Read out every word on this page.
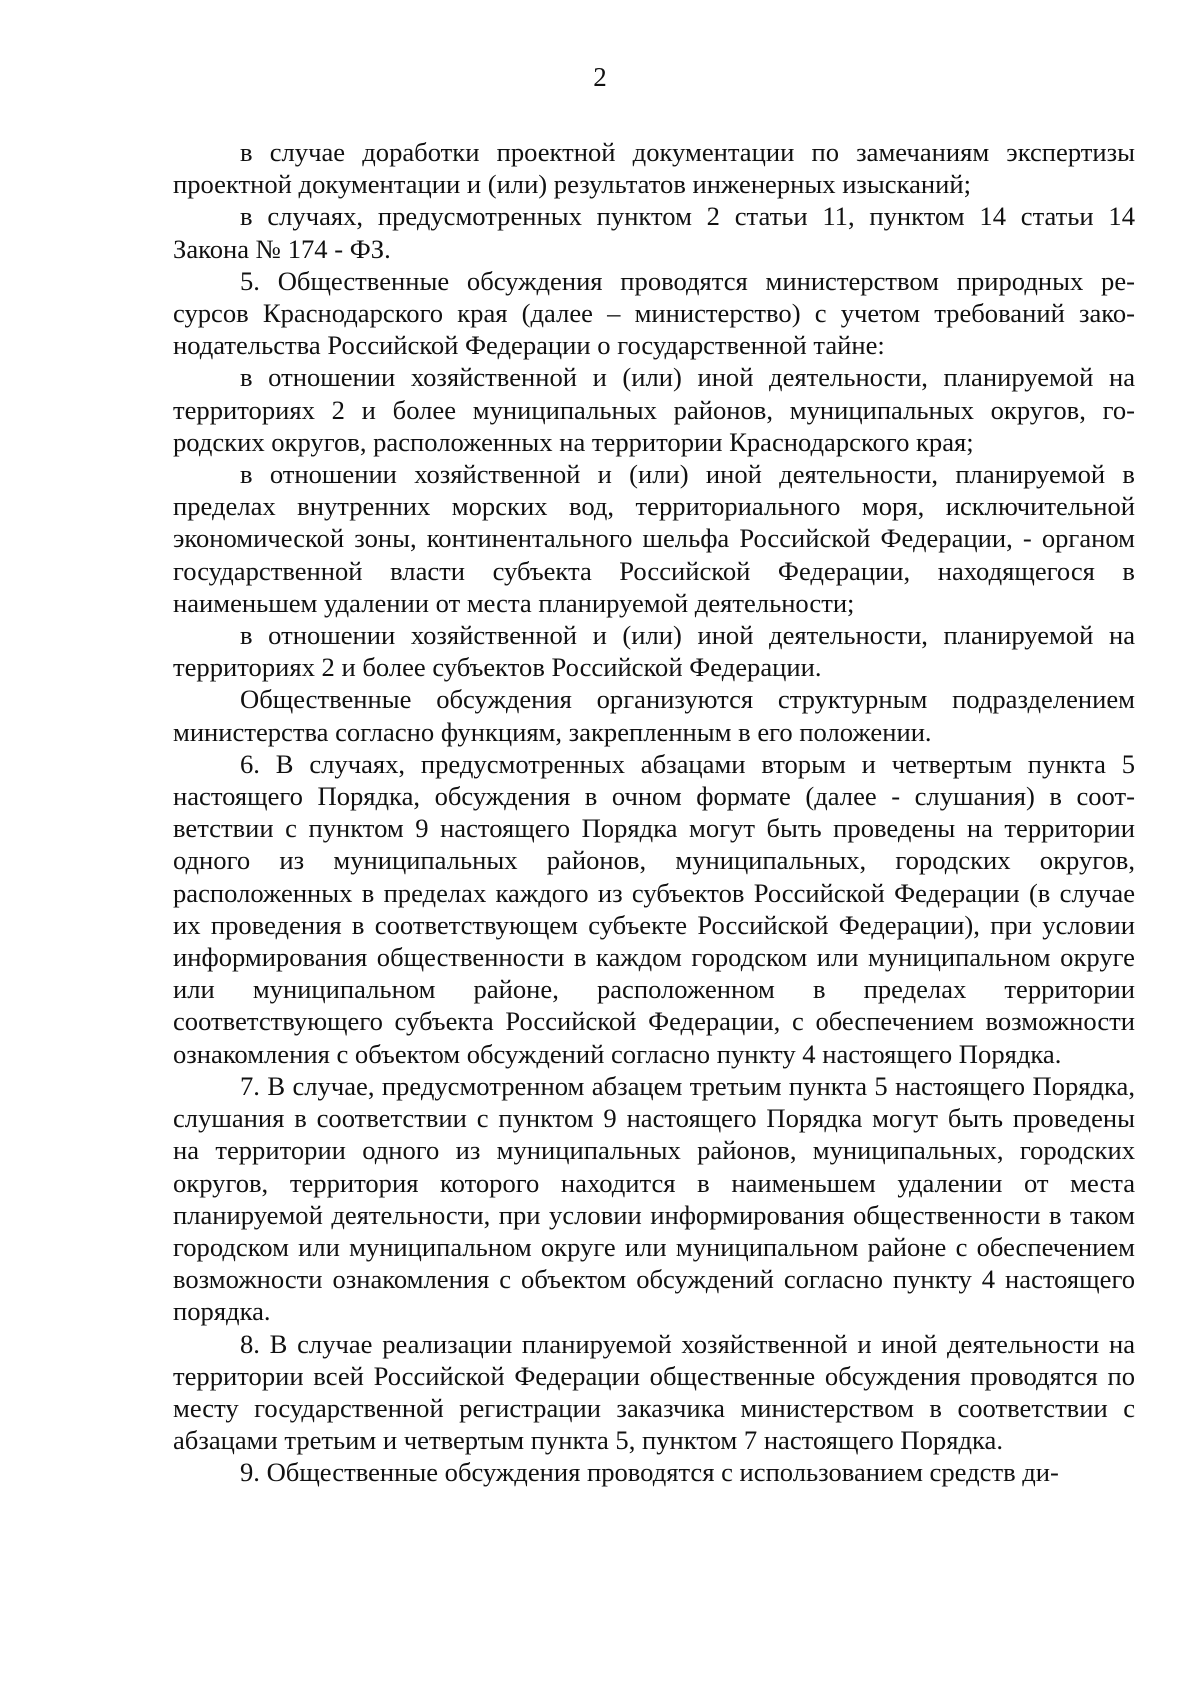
2

в случае доработки проектной документации по замечаниям экспертизы проектной документации и (или) результатов инженерных изысканий;

в случаях, предусмотренных пунктом 2 статьи 11, пунктом 14 статьи 14 Закона № 174 - ФЗ.

5. Общественные обсуждения проводятся министерством природных ресурсов Краснодарского края (далее – министерство) с учетом требований законодательства Российской Федерации о государственной тайне:

в отношении хозяйственной и (или) иной деятельности, планируемой на территориях 2 и более муниципальных районов, муниципальных округов, городских округов, расположенных на территории Краснодарского края;

в отношении хозяйственной и (или) иной деятельности, планируемой в пределах внутренних морских вод, территориального моря, исключительной экономической зоны, континентального шельфа Российской Федерации, - органом государственной власти субъекта Российской Федерации, находящегося в наименьшем удалении от места планируемой деятельности;

в отношении хозяйственной и (или) иной деятельности, планируемой на территориях 2 и более субъектов Российской Федерации.

Общественные обсуждения организуются структурным подразделением министерства согласно функциям, закрепленным в его положении.

6. В случаях, предусмотренных абзацами вторым и четвертым пункта 5 настоящего Порядка, обсуждения в очном формате (далее - слушания) в соответствии с пунктом 9 настоящего Порядка могут быть проведены на территории одного из муниципальных районов, муниципальных, городских округов, расположенных в пределах каждого из субъектов Российской Федерации (в случае их проведения в соответствующем субъекте Российской Федерации), при условии информирования общественности в каждом городском или муниципальном округе или муниципальном районе, расположенном в пределах территории соответствующего субъекта Российской Федерации, с обеспечением возможности ознакомления с объектом обсуждений согласно пункту 4 настоящего Порядка.

7. В случае, предусмотренном абзацем третьим пункта 5 настоящего Порядка, слушания в соответствии с пунктом 9 настоящего Порядка могут быть проведены на территории одного из муниципальных районов, муниципальных, городских округов, территория которого находится в наименьшем удалении от места планируемой деятельности, при условии информирования общественности в таком городском или муниципальном округе или муниципальном районе с обеспечением возможности ознакомления с объектом обсуждений согласно пункту 4 настоящего порядка.

8. В случае реализации планируемой хозяйственной и иной деятельности на территории всей Российской Федерации общественные обсуждения проводятся по месту государственной регистрации заказчика министерством в соответствии с абзацами третьим и четвертым пункта 5, пунктом 7 настоящего Порядка.

9. Общественные обсуждения проводятся с использованием средств ди-
